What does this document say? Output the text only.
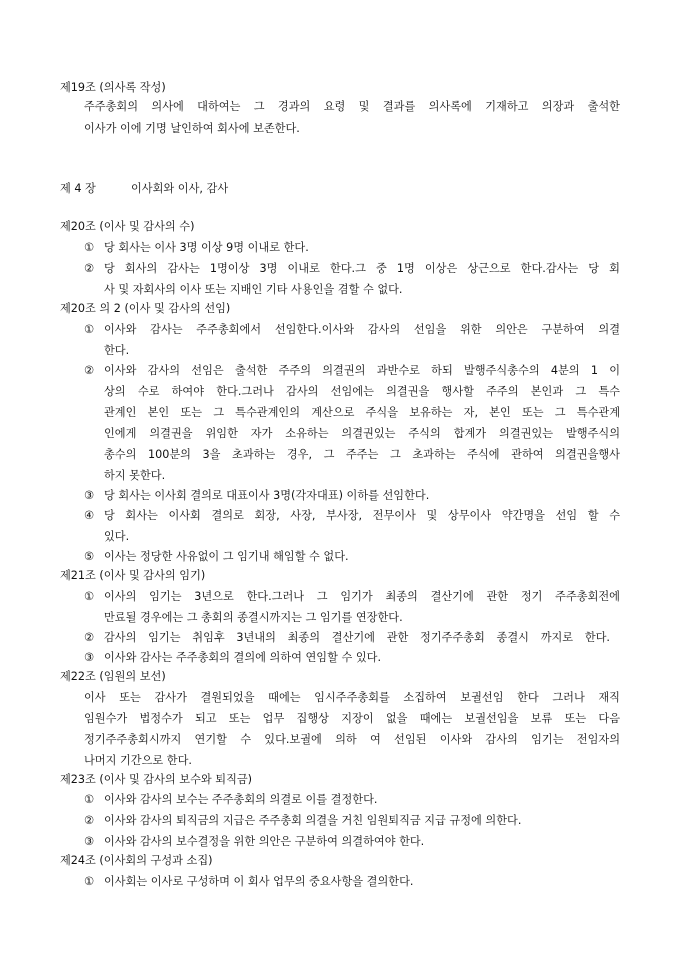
제19조 (의사록 작성)
주주총회의 의사에 대하여는 그 경과의 요령 및 결과를 의사록에 기재하고 의장과 출석한
이사가 이에 기명 날인하여 회사에 보존한다.
제 4 장	이사회와 이사, 감사
제20조 (이사 및 감사의 수)
① 당 회사는 이사 3명 이상 9명 이내로 한다.
② 당 회사의 감사는 1명이상 3명 이내로 한다.그 중 1명 이상은 상근으로 한다.감사는 당 회
사 및 자회사의 이사 또는 지배인 기타 사용인을 겸할 수 없다.
제20조 의 2 (이사 및 감사의 선임)
① 이사와 감사는 주주총회에서 선임한다.이사와 감사의 선임을 위한 의안은 구분하여 의결
한다.
② 이사와 감사의 선임은 출석한 주주의 의결권의 과반수로 하되 발행주식총수의 4분의 1 이
상의 수로 하여야 한다.그러나 감사의 선임에는 의결권을 행사할 주주의 본인과 그 특수
관계인 본인 또는 그 특수관계인의 계산으로 주식을 보유하는 자, 본인 또는 그 특수관계
인에게 의결권을 위임한 자가 소유하는 의결권있는 주식의 합계가 의결권있는 발행주식의
총수의 100분의 3을 초과하는 경우, 그 주주는 그 초과하는 주식에 관하여 의결권을행사
하지 못한다.
③ 당 회사는 이사회 결의로 대표이사 3명(각자대표) 이하를 선임한다.
④ 당 회사는 이사회 결의로 회장, 사장, 부사장, 전무이사 및 상무이사 약간명을 선임 할 수
있다.
⑤ 이사는 정당한 사유없이 그 임기내 해임할 수 없다.
제21조 (이사 및 감사의 임기)
① 이사의 임기는 3년으로 한다.그러나 그 임기가 최종의 결산기에 관한 정기 주주총회전에
만료될 경우에는 그 총회의 종결시까지는 그 임기를 연장한다.
② 감사의 임기는 취임후 3년내의 최종의 결산기에 관한 정기주주총회 종결시 까지로 한다.
③ 이사와 감사는 주주총회의 결의에 의하여 연임할 수 있다.
제22조 (임원의 보선)
이사 또는 감사가 결원되었을 때에는 임시주주총회를 소집하여 보궐선임 한다 그러나 재직
임원수가 법정수가 되고 또는 업무 집행상 지장이 없을 때에는 보궐선임을 보류 또는 다음
정기주주총회시까지 연기할 수 있다.보궐에 의하 여 선임된 이사와 감사의 임기는 전임자의
나머지 기간으로 한다.
제23조 (이사 및 감사의 보수와 퇴직금)
① 이사와 감사의 보수는 주주총회의 의결로 이를 결정한다.
② 이사와 감사의 퇴직금의 지급은 주주총회 의결을 거친 임원퇴직금 지급 규정에 의한다.
③ 이사와 감사의 보수결정을 위한 의안은 구분하여 의결하여야 한다.
제24조 (이사회의 구성과 소집)
① 이사회는 이사로 구성하며 이 회사 업무의 중요사항을 결의한다.
